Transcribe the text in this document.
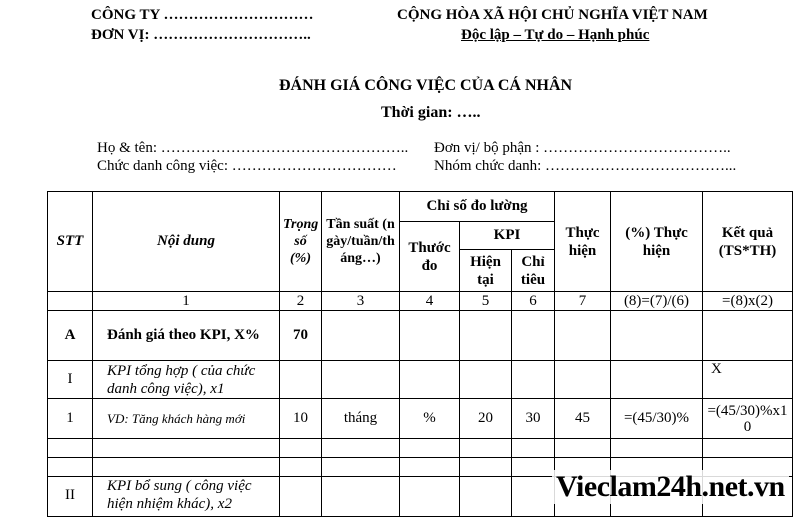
CÔNG TY …………………………
ĐƠN VỊ: …………………………..
CỘNG HÒA XÃ HỘI CHỦ NGHĨA VIỆT NAM
Độc lập – Tự do – Hạnh phúc
ĐÁNH GIÁ CÔNG VIỆC CỦA CÁ NHÂN
Thời gian: …..
Họ & tên: ………………………………………….. Đơn vị/ bộ phận : ………………………………..
Chức danh công việc: …………………………… Nhóm chức danh: ………………………………...
STT	Nội dung	Trọng số (%)	Tần suất (ngày/tuần/tháng…)	Chỉ số đo lường			Thực hiện	(%) Thực hiện	Kết quả (TS*TH)
				Thước đo	KPI				
					Hiện tại	Chỉ tiêu			
	1	2	3	4	5	6	7	(8)=(7)/(6)	=(8)x(2)
A	Đánh giá theo KPI, X%	70							
I	KPI tổng hợp ( của chức danh công việc), x1								X
1	VD: Tăng khách hàng mới	10	tháng	%	20	30	45	=(45/30)%	=(45/30)%x10

II	KPI bổ sung ( công việc hiện nhiệm khác), x2								
Vieclam24h.net.vn
